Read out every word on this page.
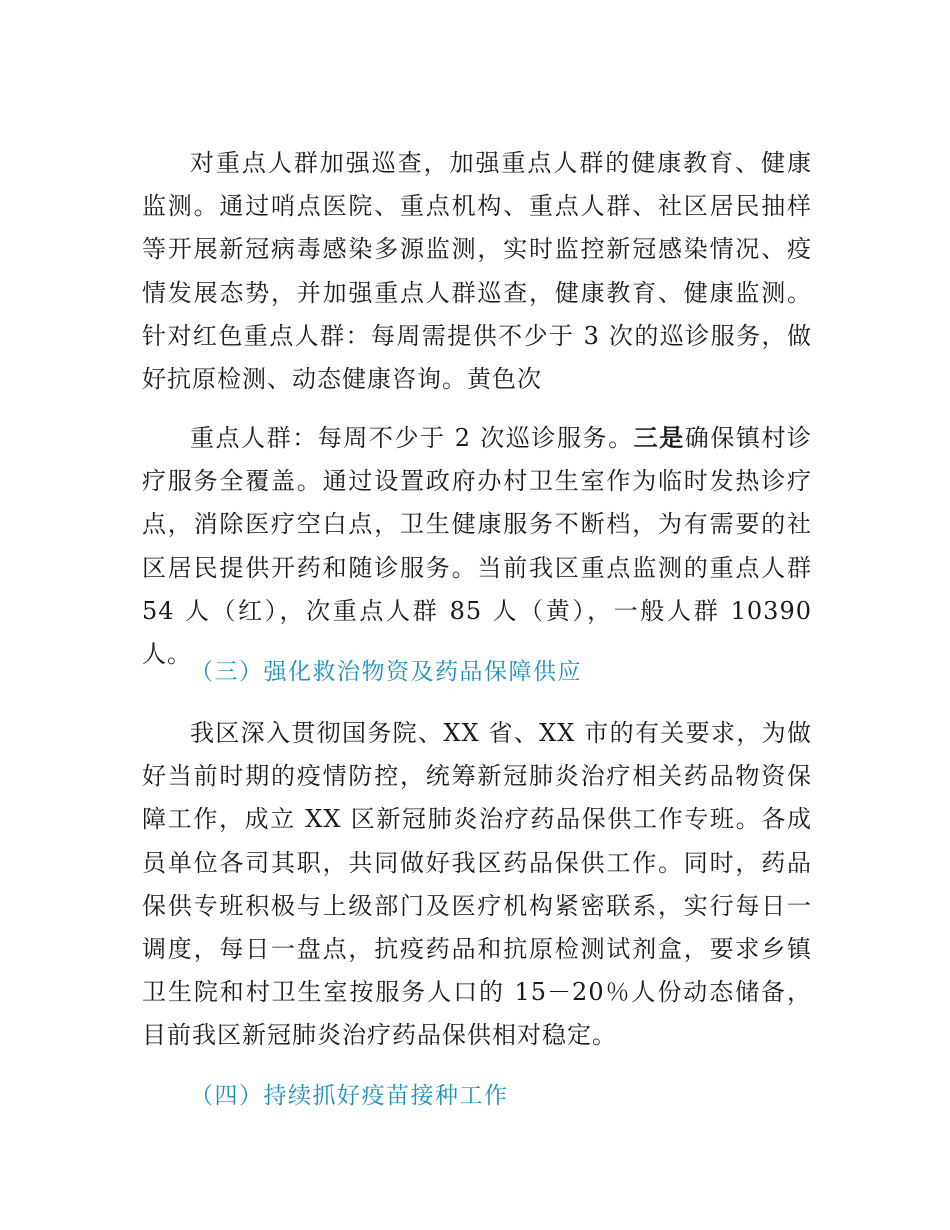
对重点人群加强巡查，加强重点人群的健康教育、健康监测。通过哨点医院、重点机构、重点人群、社区居民抽样等开展新冠病毒感染多源监测，实时监控新冠感染情况、疫情发展态势，并加强重点人群巡查，健康教育、健康监测。针对红色重点人群：每周需提供不少于 3 次的巡诊服务，做好抗原检测、动态健康咨询。黄色次

重点人群：每周不少于 2 次巡诊服务。三是确保镇村诊疗服务全覆盖。通过设置政府办村卫生室作为临时发热诊疗点，消除医疗空白点，卫生健康服务不断档，为有需要的社区居民提供开药和随诊服务。当前我区重点监测的重点人群 54 人（红），次重点人群 85 人（黄），一般人群 10390 人。

（三）强化救治物资及药品保障供应

我区深入贯彻国务院、XX 省、XX 市的有关要求，为做好当前时期的疫情防控，统筹新冠肺炎治疗相关药品物资保障工作，成立 XX 区新冠肺炎治疗药品保供工作专班。各成员单位各司其职，共同做好我区药品保供工作。同时，药品保供专班积极与上级部门及医疗机构紧密联系，实行每日一调度，每日一盘点，抗疫药品和抗原检测试剂盒，要求乡镇卫生院和村卫生室按服务人口的 15－20％人份动态储备，目前我区新冠肺炎治疗药品保供相对稳定。

（四）持续抓好疫苗接种工作
